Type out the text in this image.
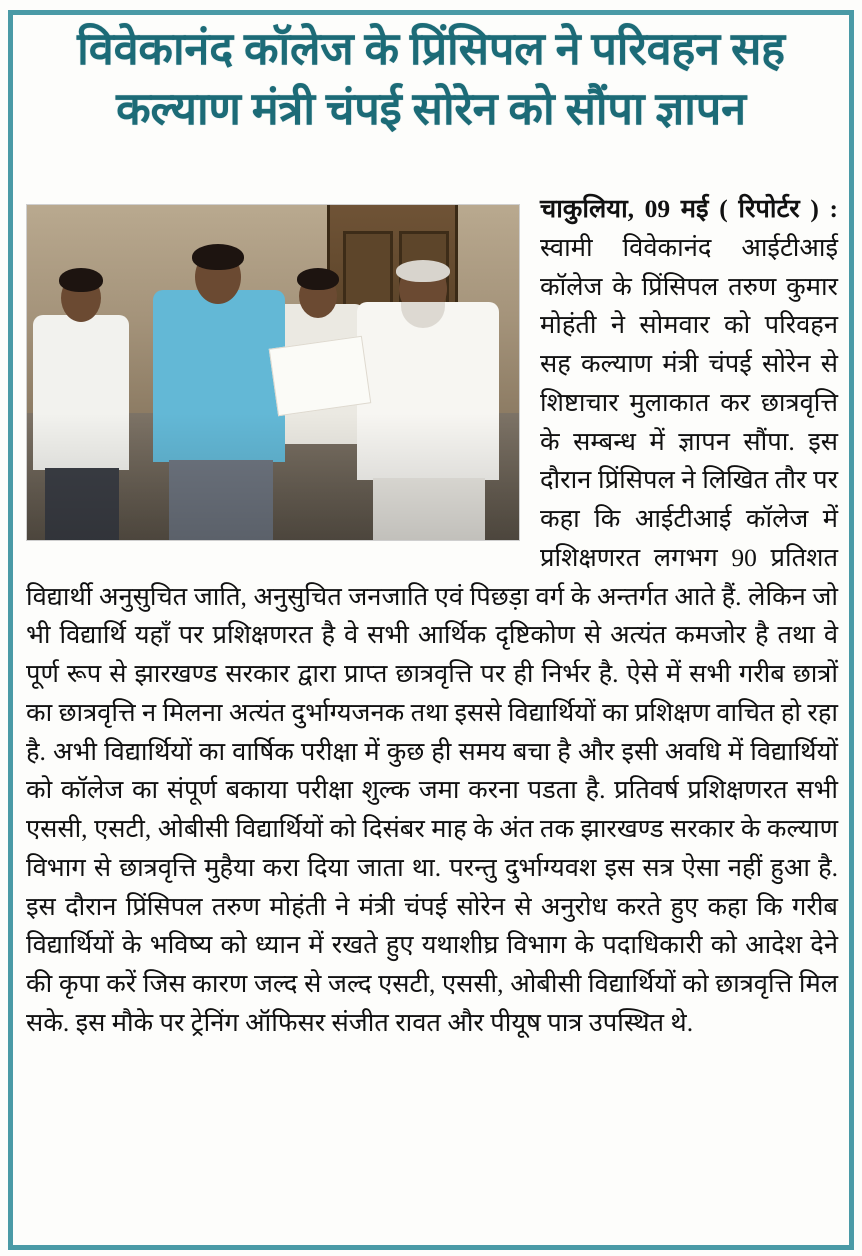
विवेकानंद कॉलेज के प्रिंसिपल ने परिवहन सह कल्याण मंत्री चंपई सोरेन को सौंपा ज्ञापन
चाकुलिया, 09 मई ( रिपोर्टर ) : स्वामी विवेकानंद आईटीआई कॉलेज के प्रिंसिपल तरुण कुमार मोहंती ने सोमवार को परिवहन सह कल्याण मंत्री चंपई सोरेन से शिष्टाचार मुलाकात कर छात्रवृत्ति के सम्बन्ध में ज्ञापन सौंपा. इस दौरान प्रिंसिपल ने लिखित तौर पर कहा कि आईटीआई कॉलेज में प्रशिक्षणरत लगभग 90 प्रतिशत विद्यार्थी अनुसुचित जाति, अनुसुचित जनजाति एवं पिछड़ा वर्ग के अन्तर्गत आते हैं. लेकिन जो भी विद्यार्थि यहाँ पर प्रशिक्षणरत है वे सभी आर्थिक दृष्टिकोण से अत्यंत कमजोर है तथा वे पूर्ण रूप से झारखण्ड सरकार द्वारा प्राप्त छात्रवृत्ति पर ही निर्भर है. ऐसे में सभी गरीब छात्रों का छात्रवृत्ति न मिलना अत्यंत दुर्भाग्यजनक तथा इससे विद्यार्थियों का प्रशिक्षण वाचित हो रहा है. अभी विद्यार्थियों का वार्षिक परीक्षा में कुछ ही समय बचा है और इसी अवधि में विद्यार्थियों को कॉलेज का संपूर्ण बकाया परीक्षा शुल्क जमा करना पडता है. प्रतिवर्ष प्रशिक्षणरत सभी एससी, एसटी, ओबीसी विद्यार्थियों को दिसंबर माह के अंत तक झारखण्ड सरकार के कल्याण विभाग से छात्रवृत्ति मुहैया करा दिया जाता था. परन्तु दुर्भाग्यवश इस सत्र ऐसा नहीं हुआ है. इस दौरान प्रिंसिपल तरुण मोहंती ने मंत्री चंपई सोरेन से अनुरोध करते हुए कहा कि गरीब विद्यार्थियों के भविष्य को ध्यान में रखते हुए यथाशीघ्र विभाग के पदाधिकारी को आदेश देने की कृपा करें जिस कारण जल्द से जल्द एसटी, एससी, ओबीसी विद्यार्थियों को छात्रवृत्ति मिल सके. इस मौके पर ट्रेनिंग ऑफिसर संजीत रावत और पीयूष पात्र उपस्थित थे.
